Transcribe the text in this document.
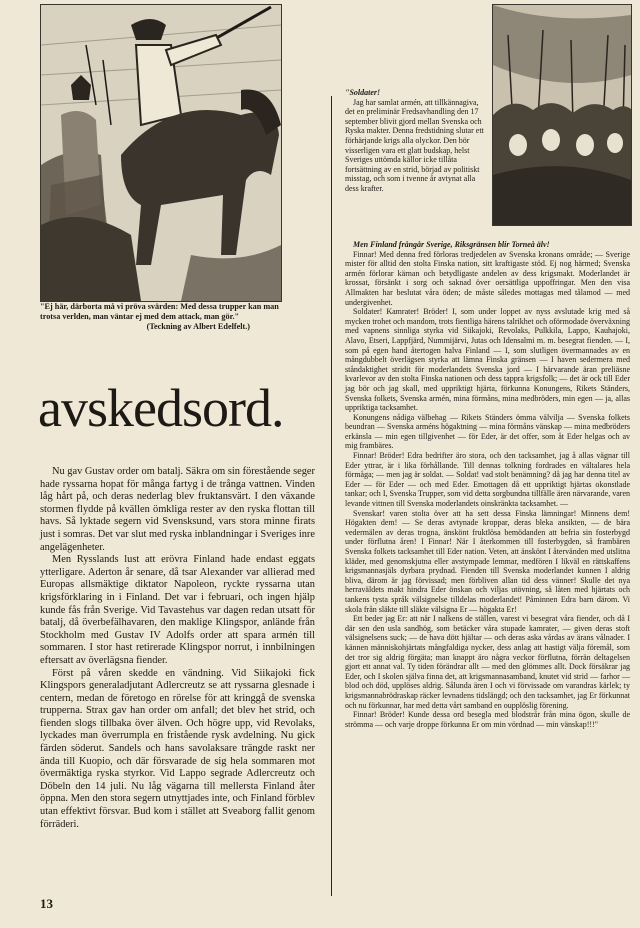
"Ej här, därborta må vi pröva svärden: Med dessa trupper kan man trotsa verlden, man väntar ej med dem attack, man gör."
(Teckning av Albert Edelfelt.)
avskedsord.

Nu gav Gustav order om batalj. Säkra om sin förestående seger hade ryssarna hopat för många fartyg i de trånga vattnen. Vinden låg hårt på, och deras nederlag blev fruktansvärt. I den växande stormen flydde på kvällen ömkliga rester av den ryska flottan till havs. Så lyktade segern vid Svensksund, vars stora minne firats just i somras. Det var slut med ryska inblandningar i Sveriges inre angelägenheter.

Men Rysslands lust att erövra Finland hade endast eggats ytterligare. Aderton år senare, då tsar Alexander var allierad med Europas allsmäktige diktator Napoleon, ryckte ryssarna utan krigsförklaring in i Finland. Det var i februari, och ingen hjälp kunde fås från Sverige. Vid Tavastehus var dagen redan utsatt för batalj, då överbefälhavaren, den maklige Klingspor, anlände från Stockholm med Gustav IV Adolfs order att spara armén till sommaren. I stor hast retirerade Klingspor norrut, i innbilningen eftersatt av överlägsna fiender.

Först på våren skedde en vändning. Vid Siikajoki fick Klingspors generaladjutant Adlercreutz se att ryssarna glesnade i centern, medan de företogo en rörelse för att kringgå de svenska trupperna. Strax gav han order om anfall; det blev het strid, och fienden slogs tillbaka över älven. Och högre upp, vid Revolaks, lyckades man överrumpla en fristående rysk avdelning. Nu gick färden söderut. Sandels och hans savolaksare trängde raskt ner ända till Kuopio, och där försvarade de sig hela sommaren mot övermäktiga ryska styrkor. Vid Lappo segrade Adlercreutz och Döbeln den 14 juli. Nu låg vägarna till mellersta Finland åter öppna. Men den stora segern utnyttjades inte, och Finland förblev utan effektivt försvar. Bud kom i stället att Sveaborg fallit genom förräderi.

"Soldater!

Jag har samlat armén, att tillkännagiva, det en preliminär Fredsavhandling den 17 september blivit gjord mellan Svenska och Ryska makter. Denna fredstidning slutar ett förhärjande krigs alla olyckor. Den bör visserligen vara ett glatt budskap, helst Sveriges uttömda källor icke tillåta fortsättning av en strid, börjad av politiskt misstag, och som i tvenne år avtynat alla dess krafter.

Men Finland frångår Sverige, Riksgränsen blir Torneå älv!

Finnar! Med denna fred förloras tredjedelen av Svenska kronans område; — Sverige mister för alltid den stolta Finska nation, sitt kraftigaste stöd. Ej nog härmed; Svenska armén förlorar kärnan och betydligaste andelen av dess krigsmakt. Moderlandet är krossat, försänkt i sorg och saknad över oersättliga uppoffringar. Men den visa Allmakten har beslutat våra öden; de måste således mottagas med tålamod — med undergivenhet.

Soldater! Kamrater! Bröder! I, som under loppet av nyss avslutade krig med så mycken trohet och mandom, trots fientliga härens talrikhet och oförmodade överväxning med vapnens sinnliga styrka vid Siikajoki, Revolaks, Pulkkila, Lappo, Kauhajoki, Alavo, Etseri, Lappfjärd, Nummijärvi, Jutas och Idensalmi m. m. besegrat fienden. — I, som på egen hand återtogen halva Finland — I, som slutligen övermannades av en mångdubbelt överlägsen styrka att lämna Finska gränsen — I haven sedermera med ståndaktighet stridit för moderlandets Svenska jord — I härvarande äran preliäsne kvarlevor av den stolta Finska nationen och dess tappra krigsfolk; — det är ock till Eder jag bör och jag skall, med uppriktigt hjärta, förkunna Konungens, Rikets Ständers, Svenska folkets, Svenska armén, mina förmåns, mina medbröders, min egen — ja, allas uppriktiga tacksamhet.

Konungens nådiga välbehag — Rikets Ständers ömma välvilja — Svenska folkets beundran — Svenska arméns högaktning — mina förmåns vänskap — mina medbröders erkänsla — min egen tillgivenhet — för Eder, är det offer, som åt Eder helgas och av mig frambäres.

Finnar! Bröder! Edra bedrifter äro stora, och den tacksamhet, jag å allas vägnar till Eder yttrar, är i lika förhållande. Till dennas tolkning fordrades en vältalares hela förmåga; — men jag är soldat. — Soldat! vad stolt benämning? då jag har denna titel av Eder — för Eder — och med Eder. Emottagen då ett uppriktigt hjärtas okonstlade tankar; och I, Svenska Trupper, som vid detta sorgbundna tillfälle ären närvarande, varen levande vittnen till Svenska moderlandets oinskränkta tacksamhet. —

Svenskar! varen stolta över att ha sett dessa Finska lämningar! Minnens dem! Högakten dem! — Se deras avtynade kroppar, deras bleka ansikten, — de bära vedermälen av deras trogna, änskönt fruktlösa bemödanden att befria sin fosterbygd under förflutna åren! I Finnar! När I återkommen till fosterbygden, så frambären Svenska folkets tacksamhet till Eder nation. Veten, att änskönt I återvänden med utslitna kläder, med genomskjutna eller avstympade lemmar, medfören I likväl en rättskaffens krigsmannasjäls dyrbara prydnad. Fienden till Svenska moderlandet kunnen I aldrig bliva, därom är jag förvissad; men förbliven allan tid dess vänner! Skulle det nya herraväldets makt hindra Eder önskan och viljas utövning, så låten med hjärtats och tankens tysta språk välsignelse tilldelas moderlandet! Påminnen Edra barn därom. Vi skola från släkte till släkte välsigna Er — högakta Er!

Ett beder jag Er: att när I nalkens de ställen, varest vi besegrat våra fiender, och då I där sen den usla sandhög, som betäcker våra stupade kamrater, — given deras stoft välsignelsens suck; — de hava dött hjältar — och deras aska vårdas av ärans vålnader. I kännen människohjärtats mångfaldiga nycker, dess anlag att hastigt välja föremål, som det tror sig aldrig förgäta; man knappt äro några veckor förflutna, förrän deltagelsen gjort ett annat val. Ty tiden förändrar allt — med den glömmes allt. Dock försäkrar jag Eder, och I skolen själva finna det, att krigsmannasamband, knutet vid strid — farhor — blod och död, upplöses aldrig. Sålunda ären I och vi förvissade om varandras kärlek; ty krigsmannabrödraskap räcker levnadens tidslängd; och den tacksamhet, jag Er förkunnat och nu förkunnar, har med detta vårt samband en oupplöslig förening.

Finnar! Bröder! Kunde dessa ord besegla med blodstrår från mina ögon, skulle de strömma — och varje droppe förkunna Er om min vördnad — min vänskap!!!"

13
